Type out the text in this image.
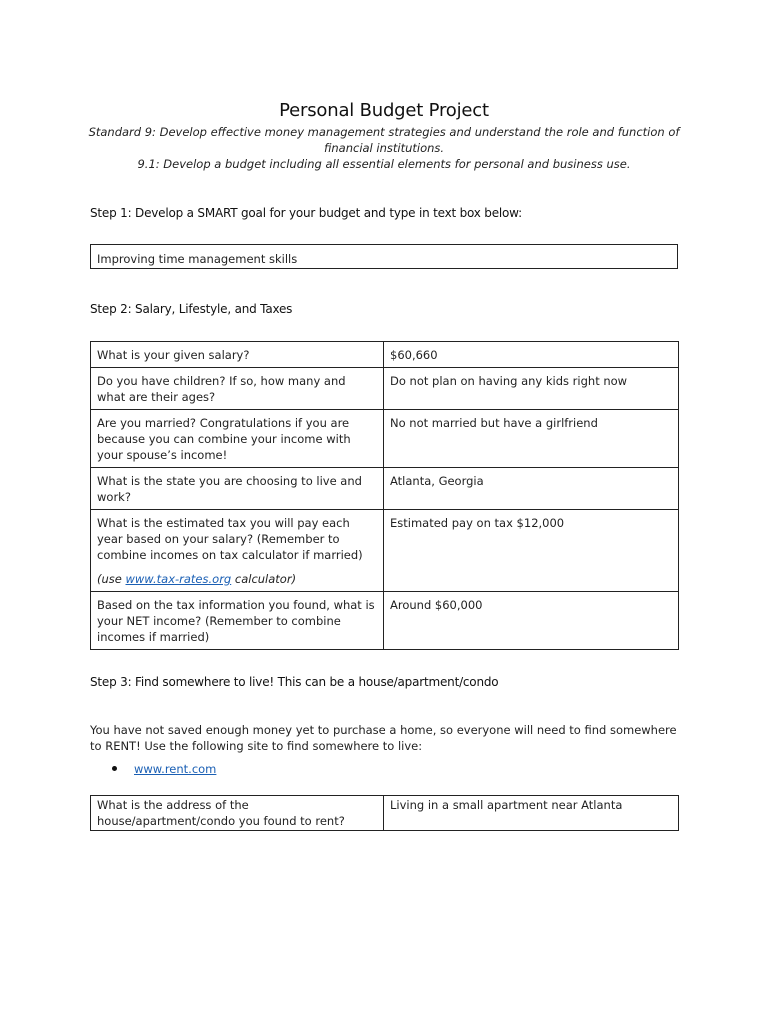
Personal Budget Project

Standard 9: Develop effective money management strategies and understand the role and function of financial institutions.

9.1: Develop a budget including all essential elements for personal and business use.

Step 1: Develop a SMART goal for your budget and type in text box below:
Improving time management skills
Step 2: Salary, Lifestyle, and Taxes
What is your given salary?	$60,660
Do you have children? If so, how many and what are their ages?	Do not plan on having any kids right now
Are you married? Congratulations if you are because you can combine your income with your spouse’s income!	No not married but have a girlfriend
What is the state you are choosing to live and work?	Atlanta, Georgia

What is the estimated tax you will pay each year based on your salary? (Remember to combine incomes on tax calculator if married)
(use www.tax-rates.org calculator)	Estimated pay on tax $12,000
Based on the tax information you found, what is your NET income? (Remember to combine incomes if married)	Around $60,000
Step 3: Find somewhere to live! This can be a house/apartment/condo
You have not saved enough money yet to purchase a home, so everyone will need to find somewhere to RENT! Use the following site to find somewhere to live:
www.rent.com
What is the address of the house/apartment/condo you found to rent?	Living in a small apartment near Atlanta
